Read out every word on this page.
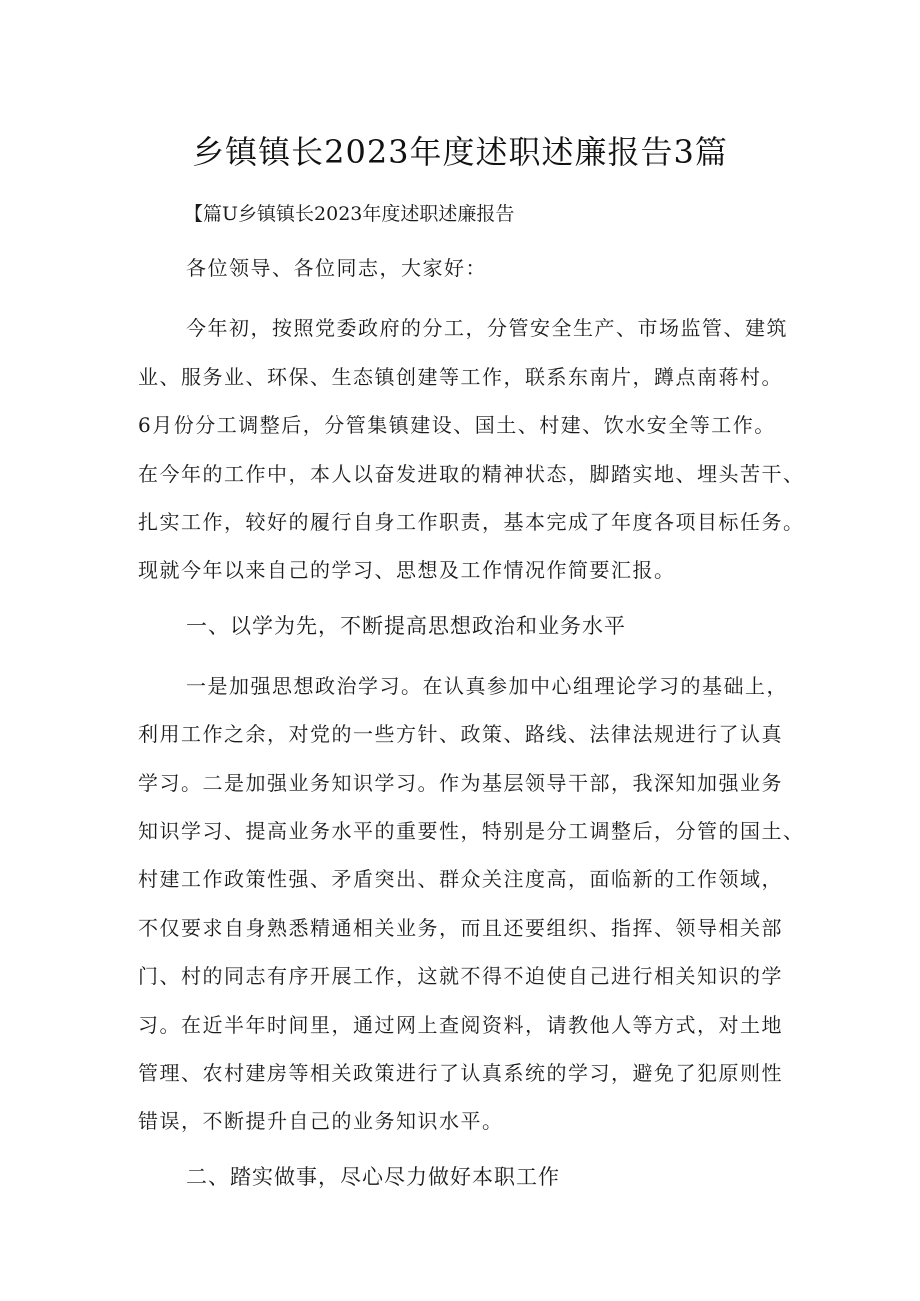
乡镇镇长2023年度述职述廉报告3篇

【篇U乡镇镇长2023年度述职述廉报告

各位领导、各位同志，大家好：

今年初，按照党委政府的分工，分管安全生产、市场监管、建筑

业、服务业、环保、生态镇创建等工作，联系东南片，蹲点南蒋村。

6月份分工调整后，分管集镇建设、国土、村建、饮水安全等工作。

在今年的工作中，本人以奋发进取的精神状态，脚踏实地、埋头苦干、

扎实工作，较好的履行自身工作职责，基本完成了年度各项目标任务。

现就今年以来自己的学习、思想及工作情况作简要汇报。

一、以学为先，不断提高思想政治和业务水平

一是加强思想政治学习。在认真参加中心组理论学习的基础上，

利用工作之余，对党的一些方针、政策、路线、法律法规进行了认真

学习。二是加强业务知识学习。作为基层领导干部，我深知加强业务

知识学习、提高业务水平的重要性，特别是分工调整后，分管的国土、

村建工作政策性强、矛盾突出、群众关注度高，面临新的工作领域，

不仅要求自身熟悉精通相关业务，而且还要组织、指挥、领导相关部

门、村的同志有序开展工作，这就不得不迫使自己进行相关知识的学

习。在近半年时间里，通过网上查阅资料，请教他人等方式，对土地

管理、农村建房等相关政策进行了认真系统的学习，避免了犯原则性

错误，不断提升自己的业务知识水平。

二、踏实做事，尽心尽力做好本职工作
